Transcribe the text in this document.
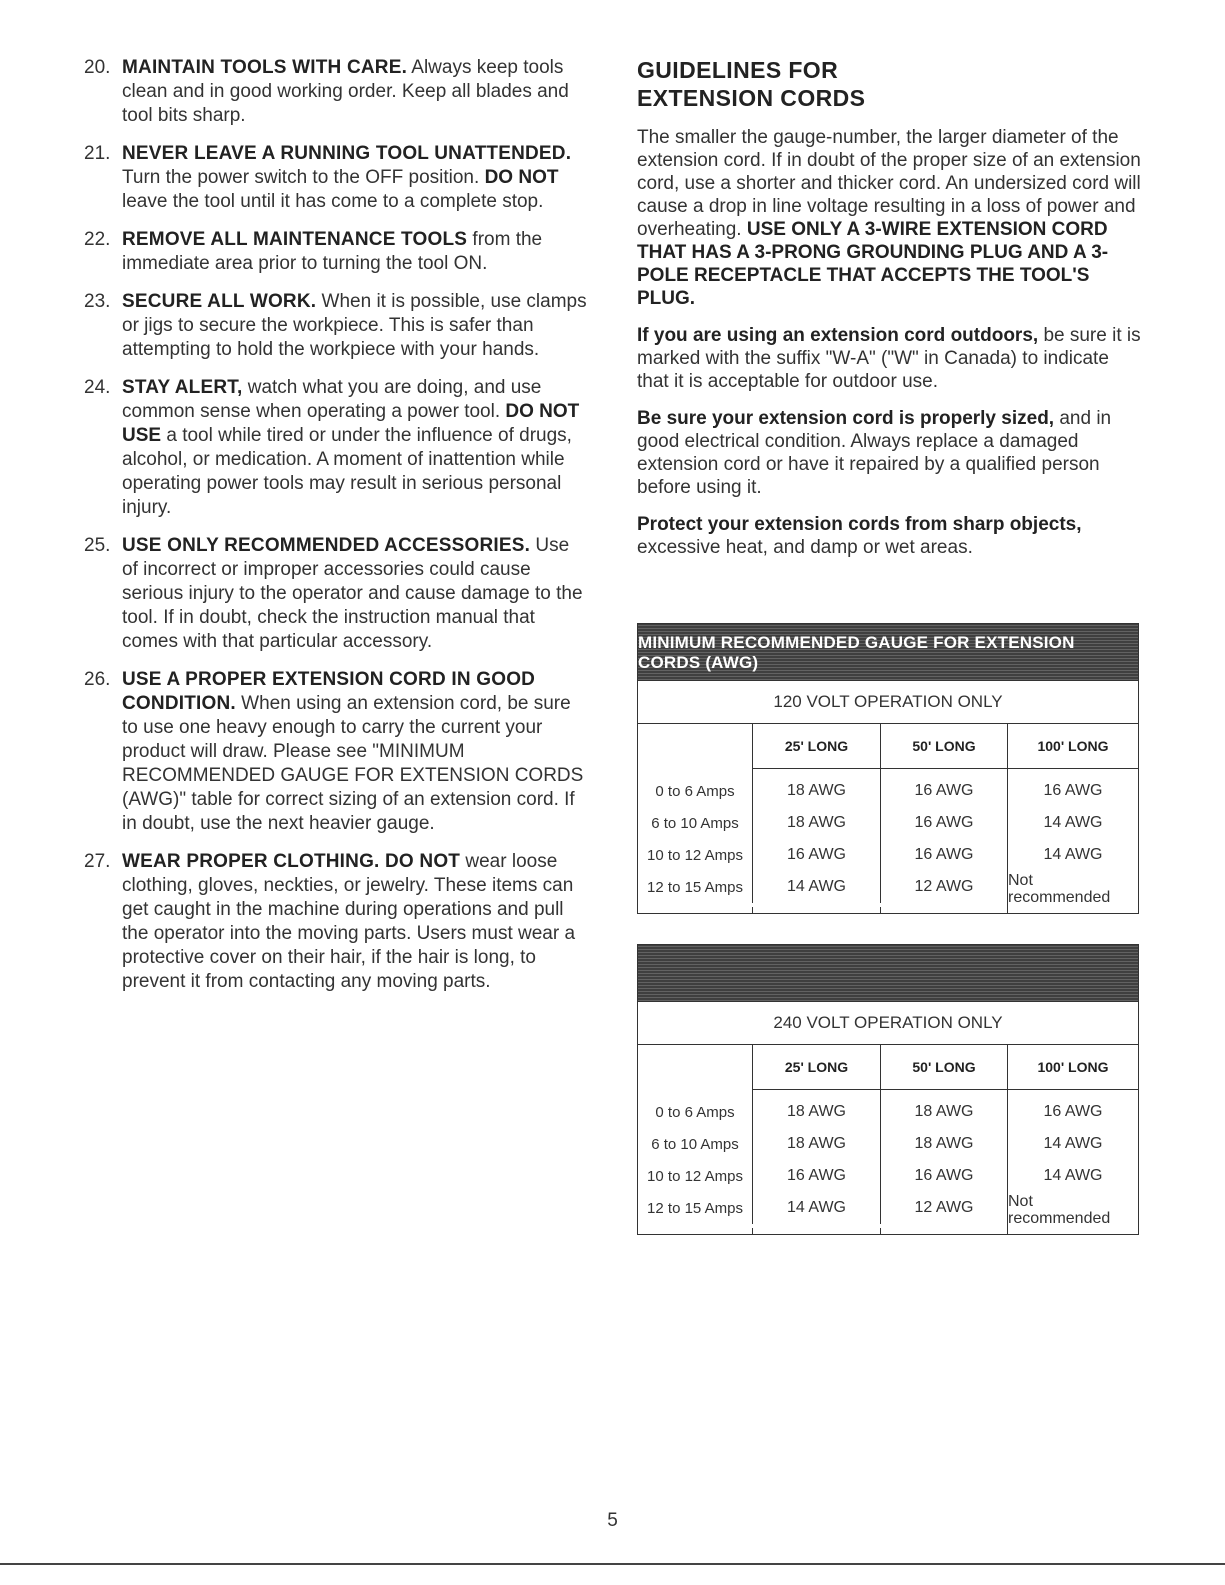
20. MAINTAIN TOOLS WITH CARE. Always keep tools clean and in good working order. Keep all blades and tool bits sharp.
21. NEVER LEAVE A RUNNING TOOL UNATTENDED. Turn the power switch to the OFF position. DO NOT leave the tool until it has come to a complete stop.
22. REMOVE ALL MAINTENANCE TOOLS from the immediate area prior to turning the tool ON.
23. SECURE ALL WORK. When it is possible, use clamps or jigs to secure the workpiece. This is safer than attempting to hold the workpiece with your hands.
24. STAY ALERT, watch what you are doing, and use common sense when operating a power tool. DO NOT USE a tool while tired or under the influence of drugs, alcohol, or medication. A moment of inattention while operating power tools may result in serious personal injury.
25. USE ONLY RECOMMENDED ACCESSORIES. Use of incorrect or improper accessories could cause serious injury to the operator and cause damage to the tool. If in doubt, check the instruction manual that comes with that particular accessory.
26. USE A PROPER EXTENSION CORD IN GOOD CONDITION. When using an extension cord, be sure to use one heavy enough to carry the current your product will draw. Please see "MINIMUM RECOMMENDED GAUGE FOR EXTENSION CORDS (AWG)" table for correct sizing of an extension cord. If in doubt, use the next heavier gauge.
27. WEAR PROPER CLOTHING. DO NOT wear loose clothing, gloves, neckties, or jewelry. These items can get caught in the machine during operations and pull the operator into the moving parts. Users must wear a protective cover on their hair, if the hair is long, to prevent it from contacting any moving parts.
GUIDELINES FOR
EXTENSION CORDS

The smaller the gauge-number, the larger diameter of the extension cord. If in doubt of the proper size of an extension cord, use a shorter and thicker cord. An undersized cord will cause a drop in line voltage resulting in a loss of power and overheating. USE ONLY A 3-WIRE EXTENSION CORD THAT HAS A 3-PRONG GROUNDING PLUG AND A 3-POLE RECEPTACLE THAT ACCEPTS THE TOOL'S PLUG.

If you are using an extension cord outdoors, be sure it is marked with the suffix "W-A" ("W" in Canada) to indicate that it is acceptable for outdoor use.

Be sure your extension cord is properly sized, and in good electrical condition. Always replace a damaged extension cord or have it repaired by a qualified person before using it.

Protect your extension cords from sharp objects, excessive heat, and damp or wet areas.

MINIMUM RECOMMENDED GAUGE FOR EXTENSION CORDS (AWG)
120 VOLT OPERATION ONLY
25' LONG	50' LONG	100' LONG
0 to 6 Amps	18 AWG	16 AWG	16 AWG
6 to 10 Amps	18 AWG	16 AWG	14 AWG
10 to 12 Amps	16 AWG	16 AWG	14 AWG
12 to 15 Amps	14 AWG	12 AWG	Not recommended
240 VOLT OPERATION ONLY
25' LONG	50' LONG	100' LONG
0 to 6 Amps	18 AWG	18 AWG	16 AWG
6 to 10 Amps	18 AWG	18 AWG	14 AWG
10 to 12 Amps	16 AWG	16 AWG	14 AWG
12 to 15 Amps	14 AWG	12 AWG	Not recommended
5
